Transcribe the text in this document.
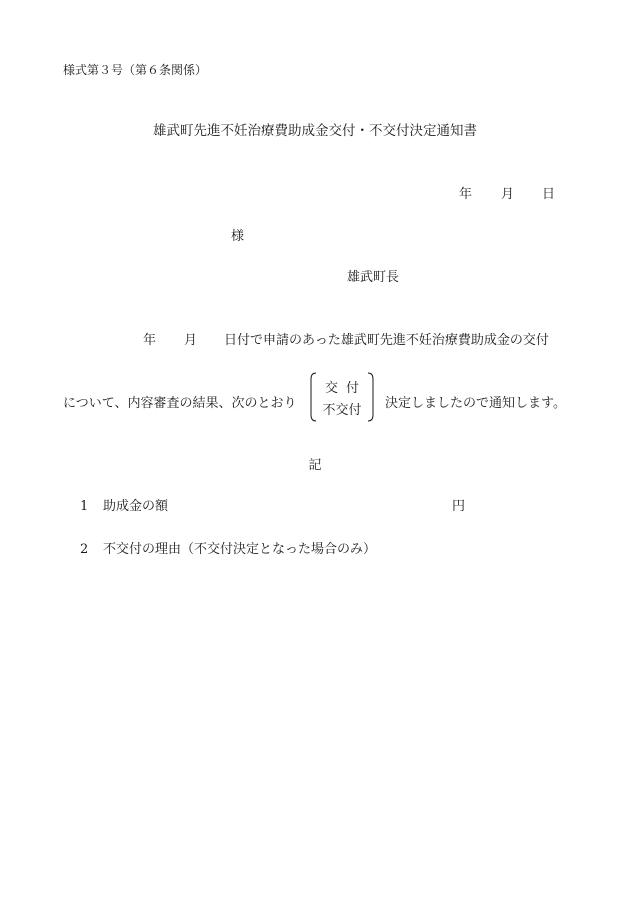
様式第３号（第６条関係）
雄武町先進不妊治療費助成金交付・不交付決定通知書
年 月 日
様
雄武町長
年 月 日付で申請のあった雄武町先進不妊治療費助成金の交付
について、内容審査の結果、次のとおり
交付
不交付	決定しましたので通知します。
記
1 助成金の額	円
2 不交付の理由（不交付決定となった場合のみ）
